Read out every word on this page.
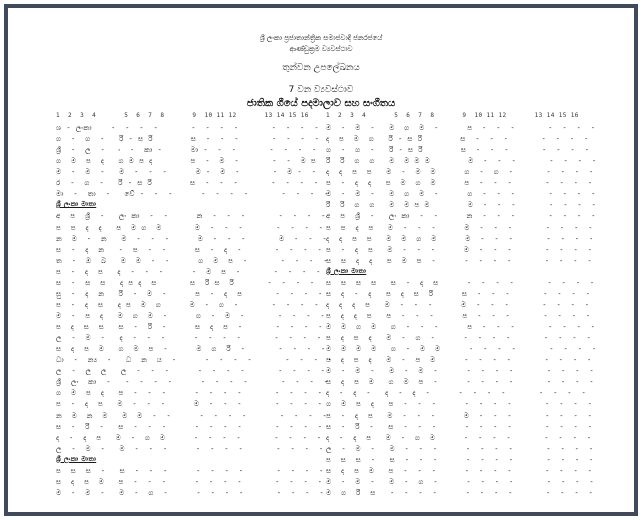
ශ්‍රී ලංකා ප්‍රජාතාන්ත්‍රික සමාජවාදී ජනරජයේ
ආණ්ඩුක්‍රම ව්‍යවස්ථාව
තුන්වන උපලේඛනය
7 වන ව්‍යවස්ථාව
ජාතික ගීයේ පදමාලාව සහ සංගීතය
1  2  3  4       5  6  7  8       9  10 11 12       13 14 15 16
ශ - ලංකා    -  -  -  -       -  -  -  -       -  -  -  -
ග  -  ග  -   රි - ස රි        ස  -  -  -       -  -  -  -
ශ්‍රී  -  ල  -   ං  -  කා -      මා -  -  -       -  -  -  -
ග  ම  ප  ද   ග ම ප ද        ප  -  ම  -       -  -  ම ප
ම  -  ම  -   ම  -  -  -      ම -  ම  -       -  ම -  -
ර  -  ග  -   රි - ස රි        ස  -  -  -       -  -  -  -
මා  -  තා  -   වේ -  -  -      -  -  -  -       -  -  -  -
ශ්‍රී ලංකා මාතා
අ  ප  ශ්‍රී  -   ලං කා  -  -      න  -  -  -       -  -  -  -
ප  ප  ද  ද   ප  ම ග  ම       ම  -  -  -       -  -  -  -
න  ම  -  න   ම  -  -  -      ම  -  -  -       ම  -  -  -
ස  -  ද  න   -  ප  -  -      ස  -  ද  -       -  -  -  -
ත  -  ඔ  බ   ම  ම  -  -      ග  ම  ප  -       -  -  -  -
ප  -  ද  ප   ද  -  -  -      -  ම  ප  -       -  -  -  -
ස  -  ස  ස   ද ප ද  ස       ස  රි ස  රි       -  -  -  -
සු  -  ද  න   රි  -  ම  -      ප  -  ද  ප       -  -  -  -
ප  -  ද  ස   ද ප  ම  ග      ම  -  ග  -       -  -  -  -
ම  -  ප  ද   ම  ග  ම  -      ග  -  ම  -       -  -  -  -
ප  ද  ස  ස   ස  -  රි  -      ස  ද  ප  -       -  -  -  -
ල  -  ම  -   ද  -  -  -      -  -  -  -       -  -  -  -
ස  ද  ප  ම   ග  ම  ප  -      ම  ග  රි  -       -  -  -  -
ධා  -  න්‍ය  -   ධ  න  ය  -      -  -  -  -       -  -  -  -
ල  -  ල  ල   ල  -  -  -      -  -  -  -       -  -  -  -
ශ්‍රී  ලං  කා  -   -  -  -  -      -  -  -  -       -  -  -  -
ග  ම  ප  ද   ප  -  -  -      -  -  -  -       -  -  -  -
ප  -  ද  ප   ම  -  -  -      ම  -  -  -       -  -  -  -
න  ම  න  ම   ම  ම  -  -      -  -  -  -       -  -  -  -
ස  -  රි  -   ස  -  -  -      -  -  -  -       -  -  -  -
ද  -  ද  ප   ම  -  ග  ම      -  -  -  -       -  -  -  -
ල  -  ම  -   ම  -  -  -      -  -  -  -       -  -  -  -
ශ්‍රී ලංකා මාතා
ප  ස  ස  -   ස  -  -  -      -  -  -  -       -  -  -  -
ස  ද  ප  ම   ප  -  -  -      -  -  -  -       -  -  -  -
ම  -  ම  -   ම  -  ග  -      -  -  -  -       -  -  -  -
1  2  3  4       5  6  7  8       9  10 11 12       13 14 15 16
ම  -  ම  -   ම  ග  ම  -      ප  -  -  -       -  -  -  -
ද  ප  ම  ග   රි - ස රි        ස  -  -  -       -  -  -  -
ග  -  ග  -   රි - ස රි        ස  -  -  -       -  -  -  -
රි  රි  ග  ග   ම  ම ම ම        ම  -  -  -       -  -  -  -
ද  ද  ප  ප   ම  -  ම  ම      ග  -  ග  -       -  -  -  -
ප  -  ද  ද   ප  ම  ග  ම      ප  -  -  -       -  -  -  -
ම  -  ම  -   ම  ග  ම  -      ග  -  -  -       -  -  -  -
රි  රි  ග  ග   ම  ම ප ම        ම  -  -  -       -  -  -  -
අ  ප  ශ්‍රී  -   ලං කා  -  -      න  -  -  -       -  -  -  -
ප  ප  ද  ප   ම  -  -  -      ම  -  -  -       -  -  -  -
ද  ද  ප  ප   ම  ම  ග  ම      ම  -  -  -       -  -  -  -
ප  -  ද  ප   ම  -  -  -      ම  -  -  -       -  -  -  -
ස  ස  ද  ද   ප  ම  ප  -      -  -  -  -       -  -  -  -
ශ්‍රී ලංකා මාතා
ස  ස  ස  ස   ස  -  ද  ස      -  -  -  -       -  -  -  -
ස  ද  -  ද   ප  ද  ස  රි      ස  -  -  -       -  -  -  -
ද  ද  ද  ප   ම  -  -  -      ම  -  -  -       -  -  -  -
ප  ද  ද  ප   ප  -  -  -      ප  -  -  -       -  -  -  -
ම  ම  ග  ම   ග  -  -  -      ප  -  -  -       -  -  -  -
ප  ද  ප  ද   ම  -  ග  -      -  -  -  -       -  -  -  -
ම  ම  ම  ම   ග  -  ම  ම      -  -  -  -       -  -  -  -
ප  ද  ප  ද   ම  -  ප  ම      -  -  -  -       -  -  -  -
ම  -  ම  -   ම  -  ම  -      -  -  -  -       -  -  -  -
ස  ද  ප  ම   ග  ම  ප  -      -  -  -  -       -  -  -  -
ද  -  ද  -   ද  -  ද  -      -  -  -  -       -  -  -  -
ග  ම  ප  ද   ප  -  -  -      -  -  -  -       -  -  -  -
ප  -  ද  ප   ම  -  -  -      ම  -  -  -       -  -  -  -
ස  -  රි  -   ස  -  -  -      -  -  -  -       -  -  -  -
ද  -  ද  ප   ම  -  ග  ම      -  -  -  -       -  -  -  -
ල  -  ම  -   ම  -  -  -      -  -  -  -       -  -  -  -
ප  ස  ස  -   ස  -  -  -      -  -  -  -       -  -  -  -
ස  ද  ප  ම   ප  -  -  -      -  -  -  -       -  -  -  -
ම  -  ම  -   ම  -  ග  -      -  -  -  -       -  -  -  -
ම  ග  රි  ස   -  -  -  -      -  -  -  -       -  -  -  -
